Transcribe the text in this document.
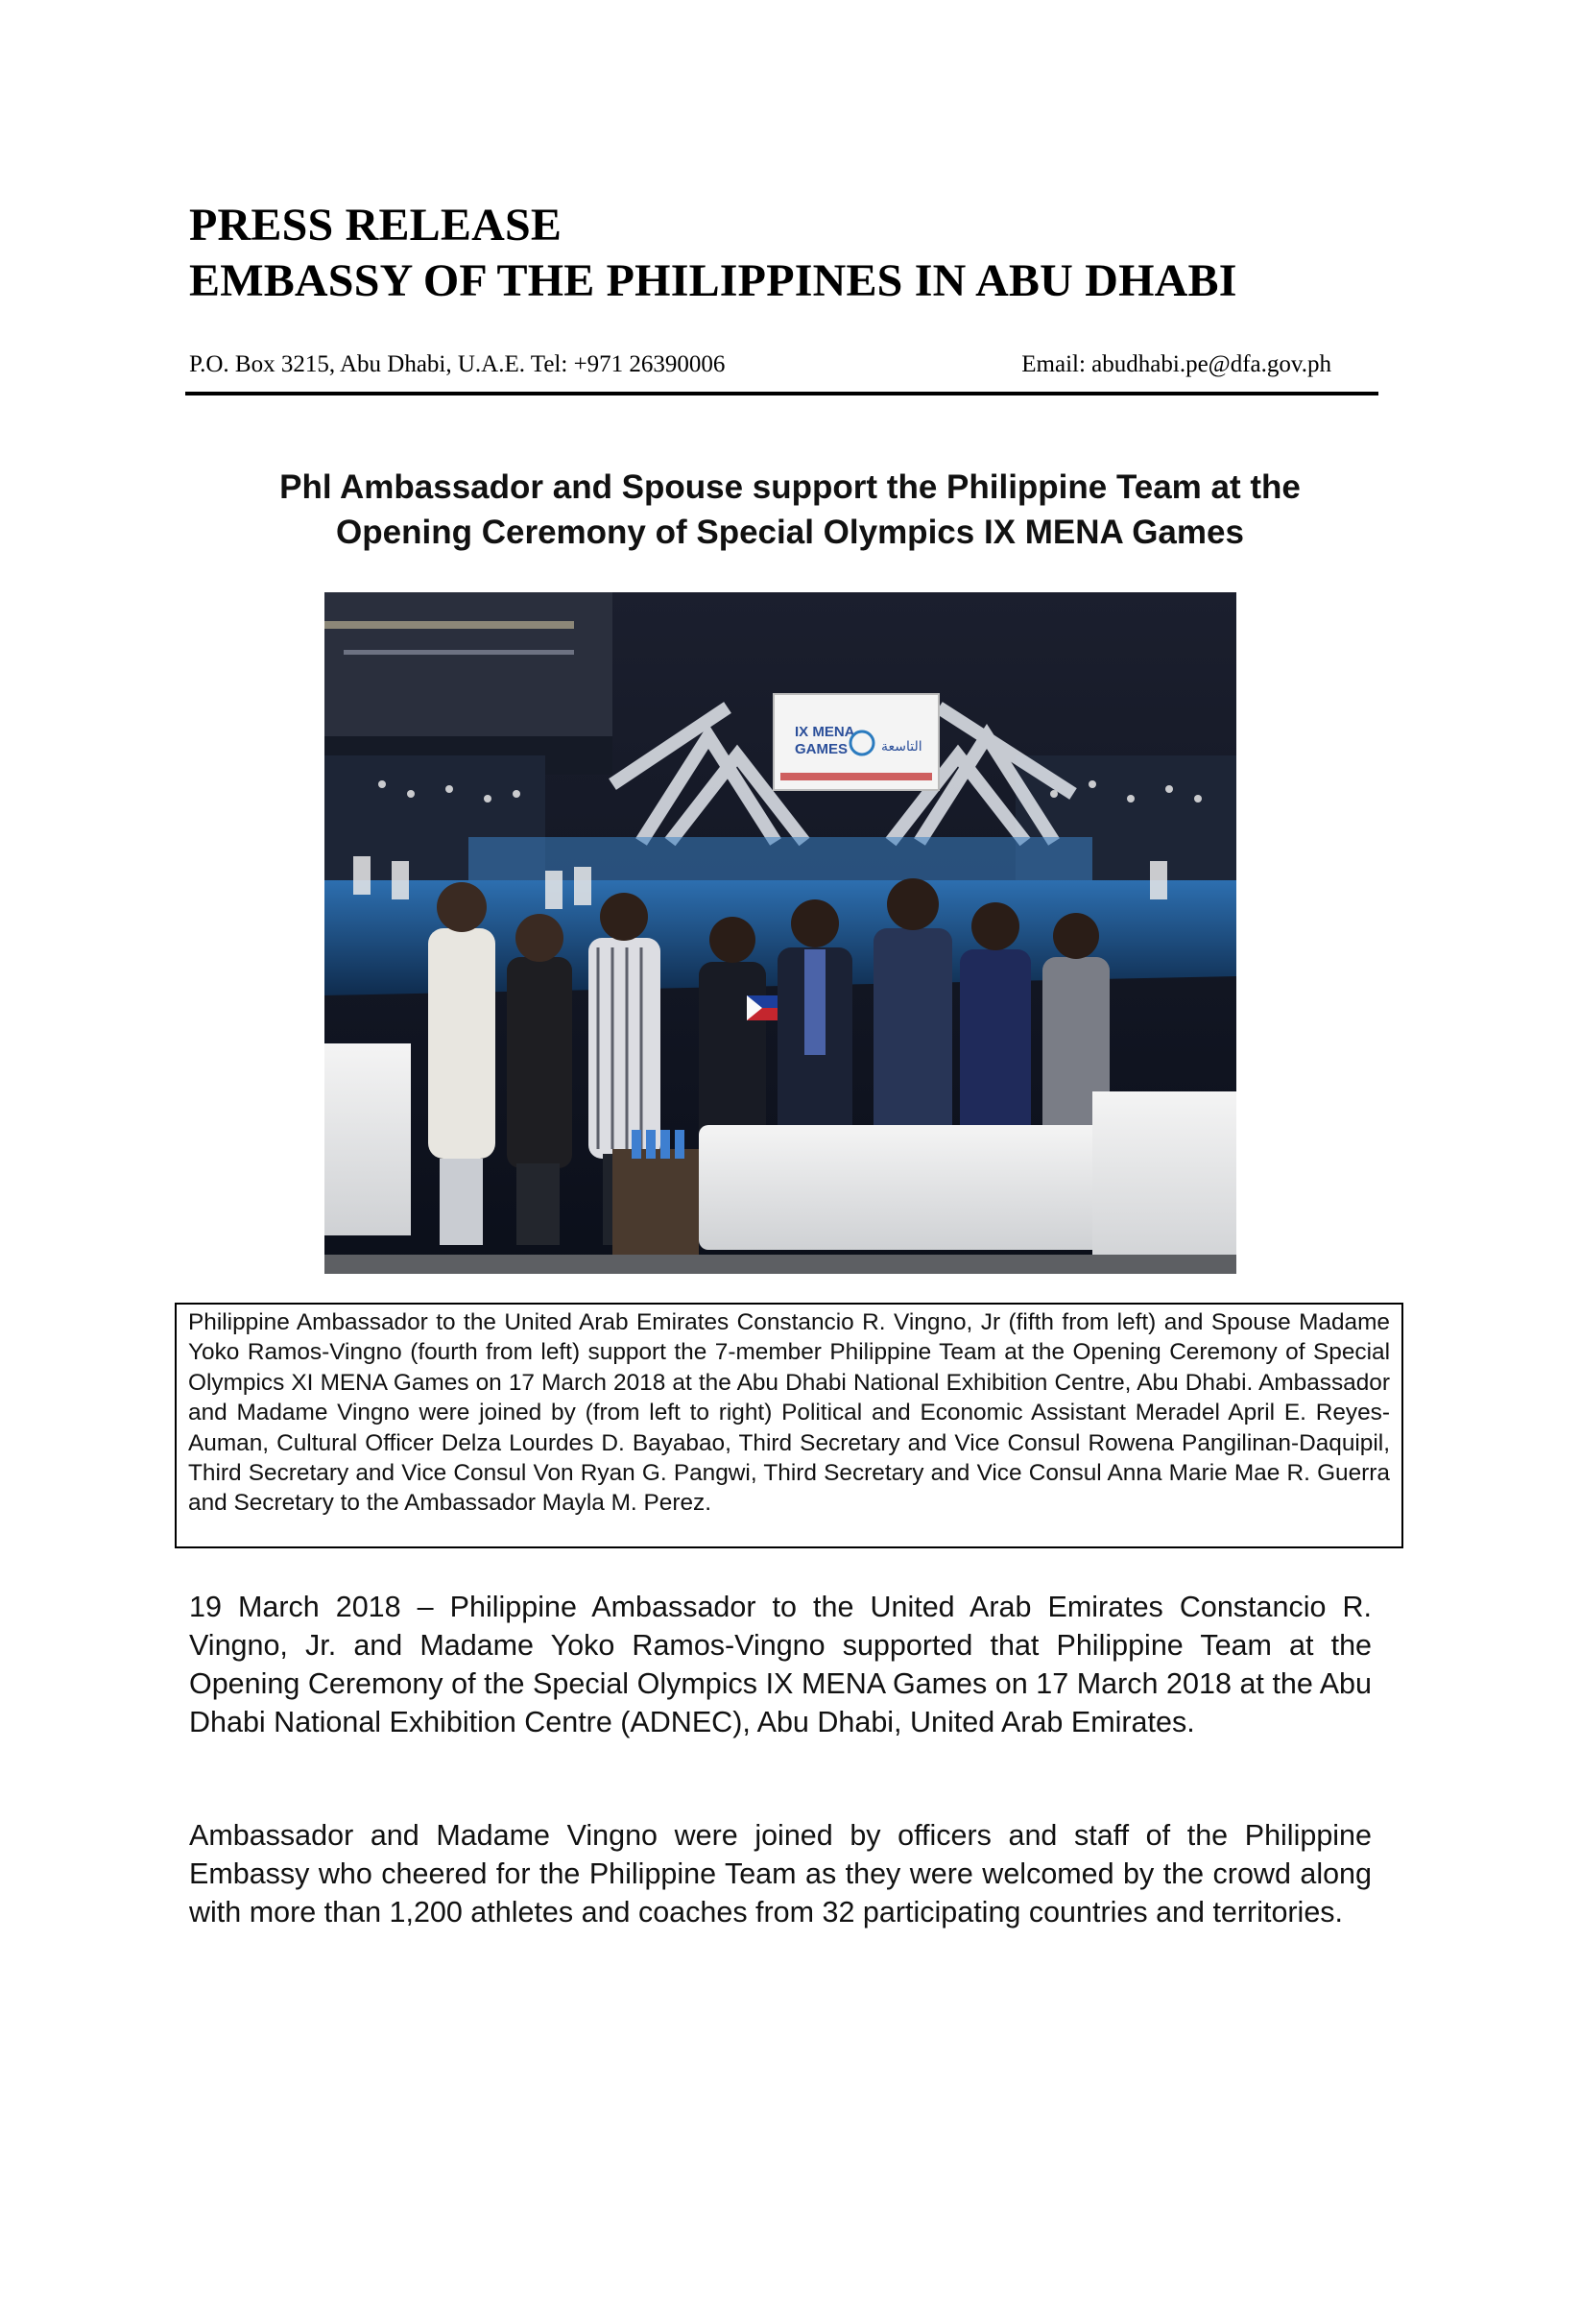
PRESS RELEASE
EMBASSY OF THE PHILIPPINES IN ABU DHABI
P.O. Box 3215, Abu Dhabi, U.A.E. Tel: +971 26390006	Email: abudhabi.pe@dfa.gov.ph
Phl Ambassador and Spouse support the Philippine Team at the
Opening Ceremony of Special Olympics IX MENA Games
IX MENA
GAMES التاسعة
Philippine Ambassador to the United Arab Emirates Constancio R. Vingno, Jr (fifth from left) and Spouse Madame Yoko Ramos-Vingno (fourth from left) support the 7-member Philippine Team at the Opening Ceremony of Special Olympics XI MENA Games on 17 March 2018 at the Abu Dhabi National Exhibition Centre, Abu Dhabi. Ambassador and Madame Vingno were joined by (from left to right) Political and Economic Assistant Meradel April E. Reyes-Auman, Cultural Officer Delza Lourdes D. Bayabao, Third Secretary and Vice Consul Rowena Pangilinan-Daquipil, Third Secretary and Vice Consul Von Ryan G. Pangwi, Third Secretary and Vice Consul Anna Marie Mae R. Guerra and Secretary to the Ambassador Mayla M. Perez.
19 March 2018 – Philippine Ambassador to the United Arab Emirates Constancio R. Vingno, Jr. and Madame Yoko Ramos-Vingno supported that Philippine Team at the Opening Ceremony of the Special Olympics IX MENA Games on 17 March 2018 at the Abu Dhabi National Exhibition Centre (ADNEC), Abu Dhabi, United Arab Emirates.
Ambassador and Madame Vingno were joined by officers and staff of the Philippine Embassy who cheered for the Philippine Team as they were welcomed by the crowd along with more than 1,200 athletes and coaches from 32 participating countries and territories.
